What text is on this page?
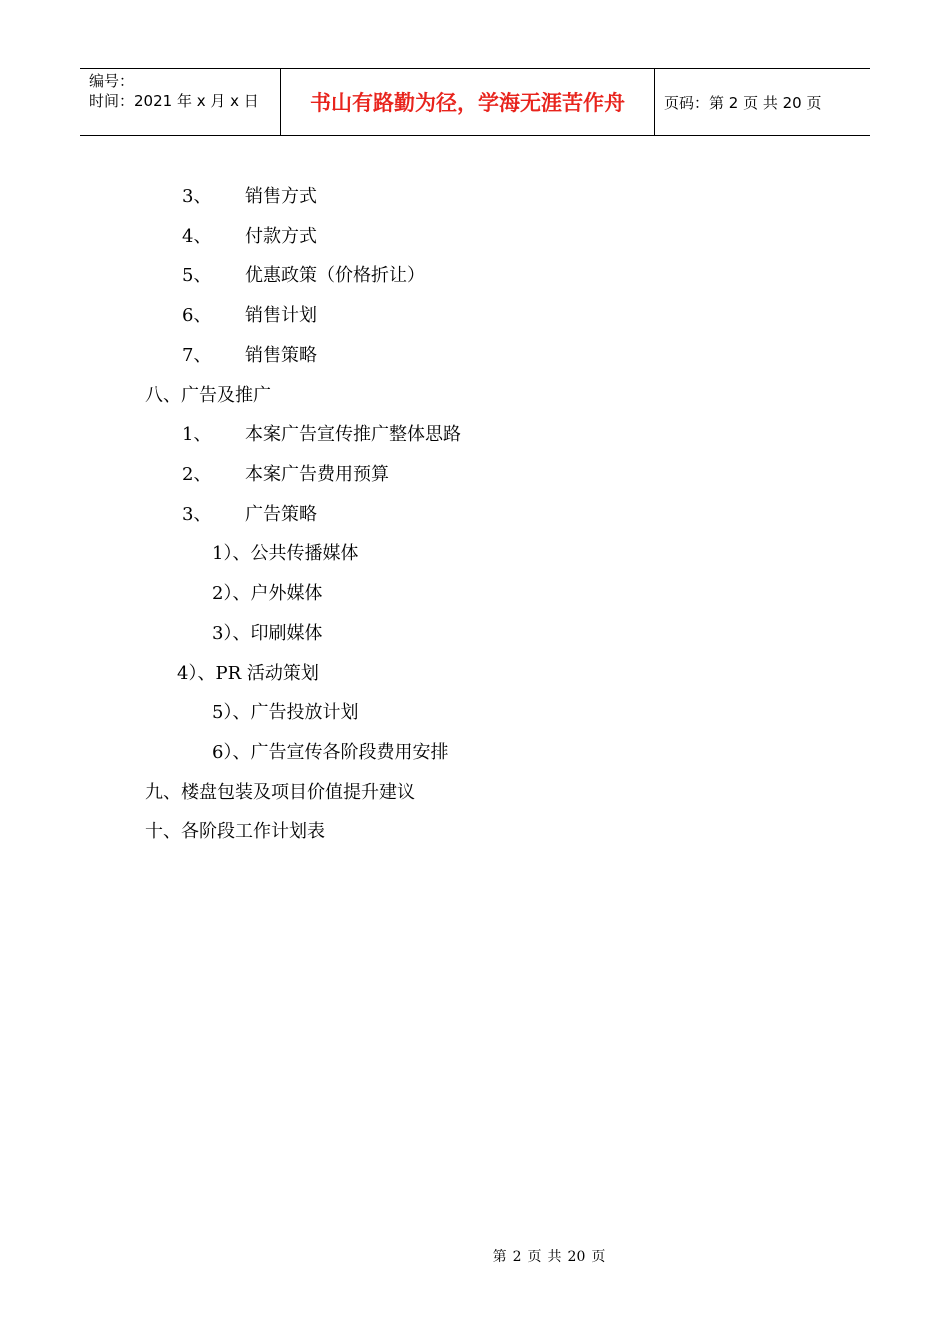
编号：
时间：2021 年 x 月 x 日	书山有路勤为径，学海无涯苦作舟	页码：第 2 页 共 20 页
3、 销售方式
4、 付款方式
5、 优惠政策（价格折让）
6、 销售计划
7、 销售策略
八、广告及推广
1、 本案广告宣传推广整体思路
2、 本案广告费用预算
3、 广告策略
1）、公共传播媒体
2）、户外媒体
3）、印刷媒体
4）、PR 活动策划
5）、广告投放计划
6）、广告宣传各阶段费用安排
九、楼盘包装及项目价值提升建议
十、各阶段工作计划表
第 2 页 共 20 页
